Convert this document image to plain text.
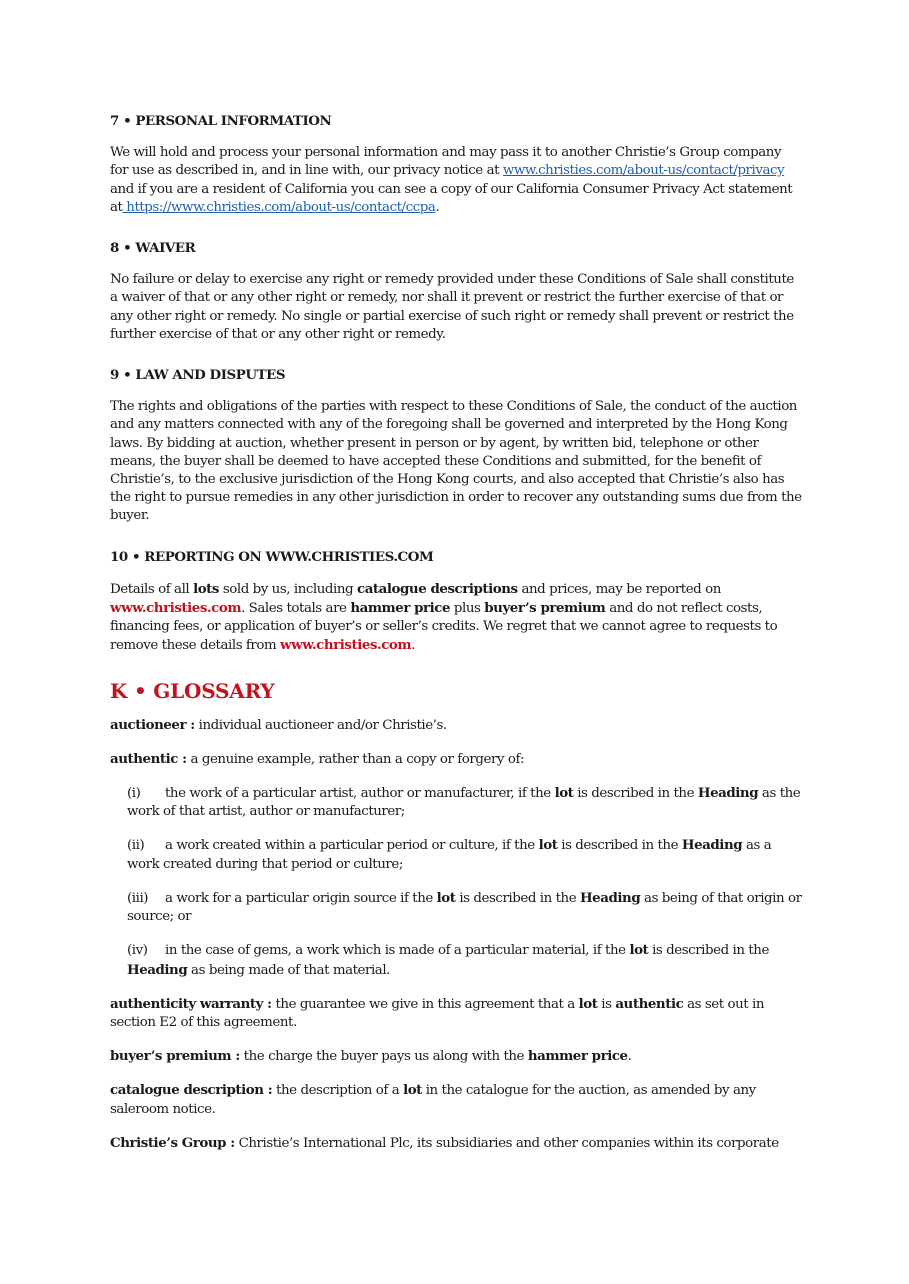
7 • PERSONAL INFORMATION

We will hold and process your personal information and may pass it to another Christie’s Group company for use as described in, and in line with, our privacy notice at www.christies.com/about-us/contact/privacy and if you are a resident of California you can see a copy of our California Consumer Privacy Act statement at https://www.christies.com/about-us/contact/ccpa.

8 • WAIVER

No failure or delay to exercise any right or remedy provided under these Conditions of Sale shall constitute a waiver of that or any other right or remedy, nor shall it prevent or restrict the further exercise of that or any other right or remedy. No single or partial exercise of such right or remedy shall prevent or restrict the further exercise of that or any other right or remedy.

9 • LAW AND DISPUTES

The rights and obligations of the parties with respect to these Conditions of Sale, the conduct of the auction and any matters connected with any of the foregoing shall be governed and interpreted by the Hong Kong laws. By bidding at auction, whether present in person or by agent, by written bid, telephone or other means, the buyer shall be deemed to have accepted these Conditions and submitted, for the benefit of Christie’s, to the exclusive jurisdiction of the Hong Kong courts, and also accepted that Christie’s also has the right to pursue remedies in any other jurisdiction in order to recover any outstanding sums due from the buyer.

10 • REPORTING ON WWW.CHRISTIES.COM

Details of all lots sold by us, including catalogue descriptions and prices, may be reported on www.christies.com. Sales totals are hammer price plus buyer’s premium and do not reflect costs, financing fees, or application of buyer’s or seller’s credits. We regret that we cannot agree to requests to remove these details from www.christies.com.

K • GLOSSARY

auctioneer : individual auctioneer and/or Christie’s.

authentic : a genuine example, rather than a copy or forgery of:

(i) the work of a particular artist, author or manufacturer, if the lot is described in the Heading as the work of that artist, author or manufacturer;

(ii) a work created within a particular period or culture, if the lot is described in the Heading as a work created during that period or culture;

(iii) a work for a particular origin source if the lot is described in the Heading as being of that origin or source; or

(iv) in the case of gems, a work which is made of a particular material, if the lot is described in the Heading as being made of that material.

authenticity warranty : the guarantee we give in this agreement that a lot is authentic as set out in section E2 of this agreement.

buyer’s premium : the charge the buyer pays us along with the hammer price.

catalogue description : the description of a lot in the catalogue for the auction, as amended by any saleroom notice.

Christie’s Group : Christie’s International Plc, its subsidiaries and other companies within its corporate
